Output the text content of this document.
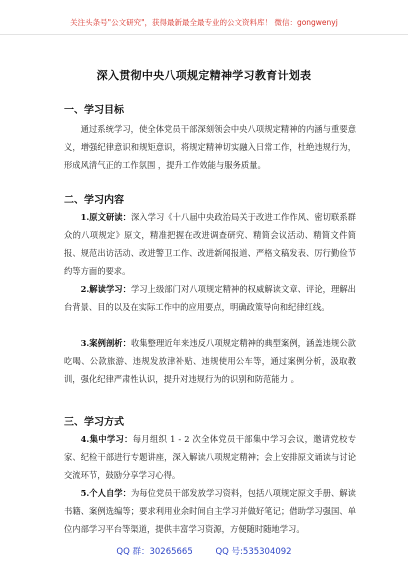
关注头条号"公文研究"，获得最新最全最专业的公文资料库！ 微信：gongwenyj
深入贯彻中央八项规定精神学习教育计划表
一、学习目标

通过系统学习，使全体党员干部深刻领会中央八项规定精神的内涵与重要意义，增强纪律意识和规矩意识，将规定精神切实融入日常工作，杜绝违规行为，形成风清气正的工作氛围 ，提升工作效能与服务质量。

二、学习内容

1.原文研读：深入学习《十八届中央政治局关于改进工作作风、密切联系群众的八项规定》原文，精准把握在改进调查研究、精简会议活动、精简文件简报、规范出访活动、改进警卫工作、改进新闻报道、严格文稿发表、厉行勤俭节约等方面的要求。

2.解读学习：学习上级部门对八项规定精神的权威解读文章、评论，理解出台背景、目的以及在实际工作中的应用要点，明确政策导向和纪律红线。

3.案例剖析：收集整理近年来违反八项规定精神的典型案例，涵盖违规公款吃喝、公款旅游、违规发放津补贴、违规使用公车等，通过案例分析，汲取教训，强化纪律严肃性认识，提升对违规行为的识别和防范能力 。

三、学习方式

4.集中学习：每月组织 1 - 2 次全体党员干部集中学习会议，邀请党校专家、纪检干部进行专题讲座，深入解读八项规定精神；会上安排原文诵读与讨论交流环节，鼓励分享学习心得。

5.个人自学：为每位党员干部发放学习资料，包括八项规定原文手册、解读书籍、案例选编等；要求利用业余时间自主学习并做好笔记；借助学习强国、单位内部学习平台等渠道，提供丰富学习资源，方便随时随地学习。

QQ 群：30265665	QQ 号:535304092
